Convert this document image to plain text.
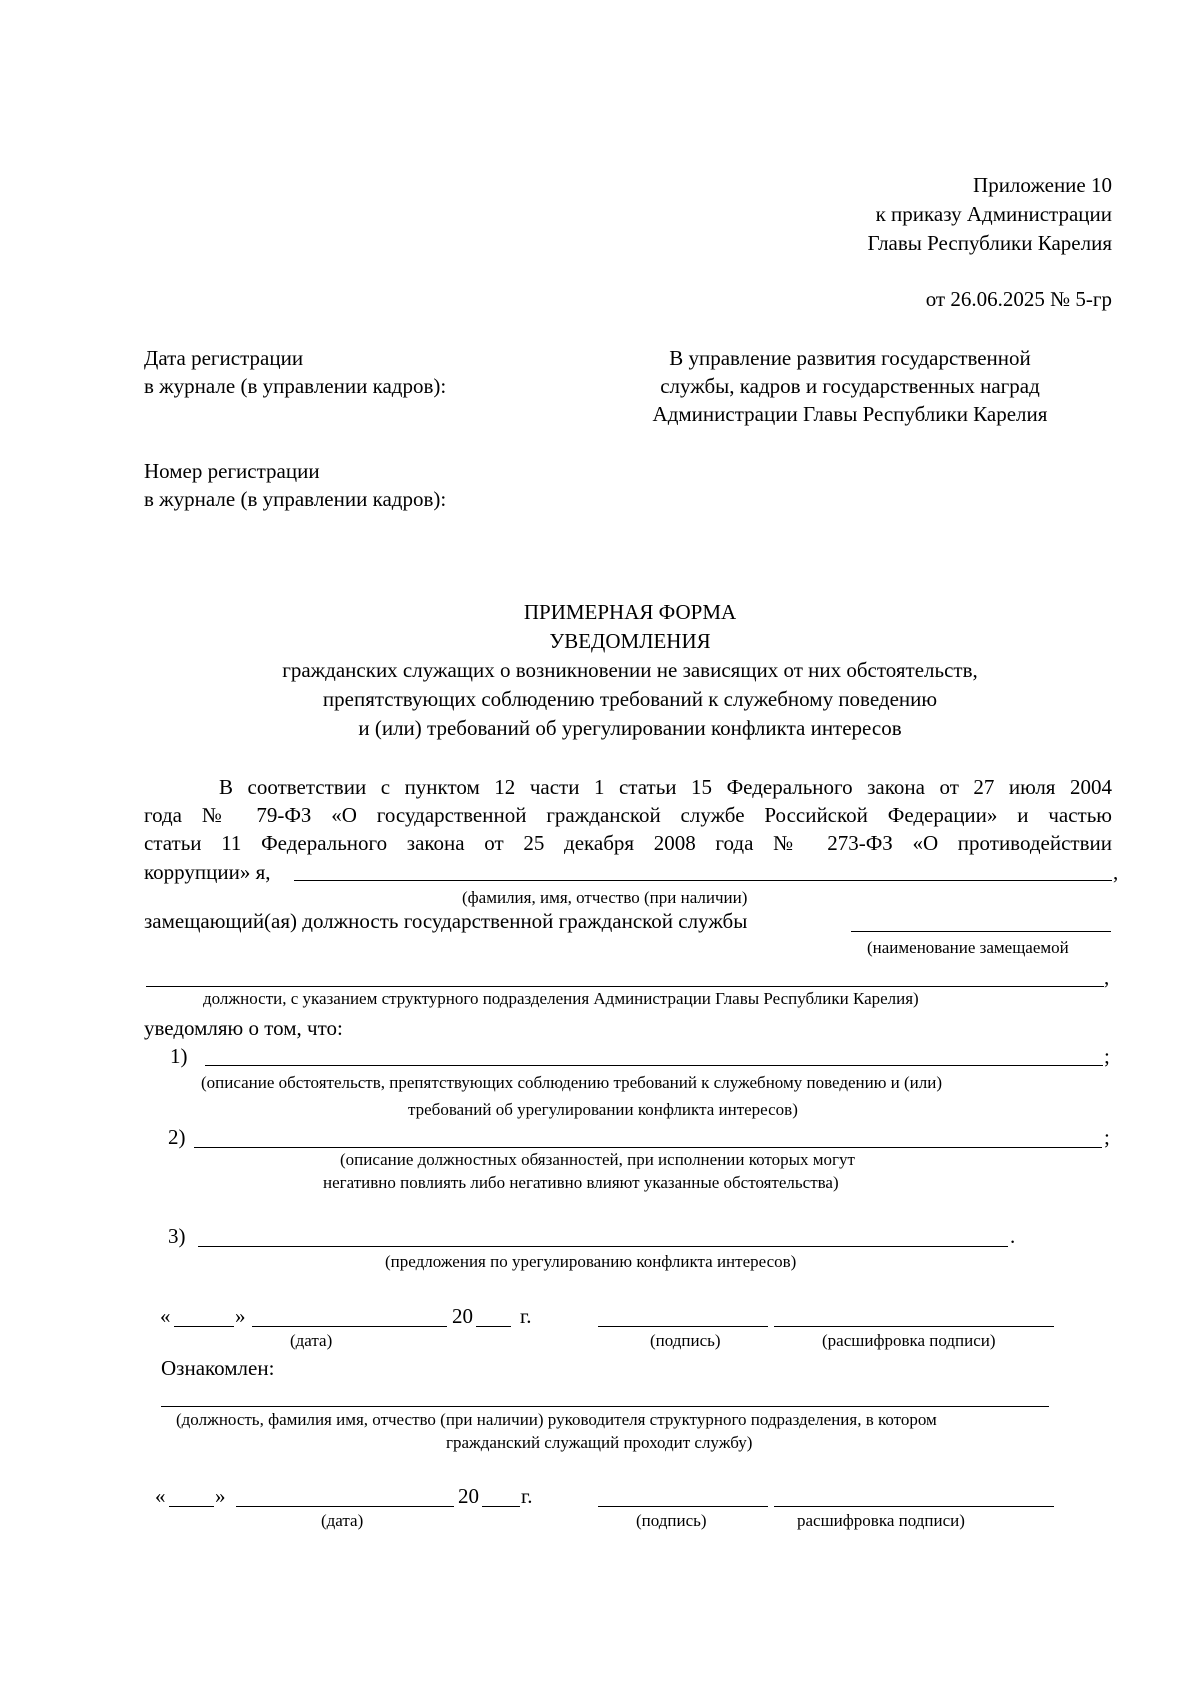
Приложение 10
к приказу Администрации
Главы Республики Карелия
от 26.06.2025 № 5-гр
Дата регистрации
в журнале (в управлении кадров):
Номер регистрации
в журнале (в управлении кадров):
В управление развития государственной
службы, кадров и государственных наград
Администрации Главы Республики Карелия
ПРИМЕРНАЯ ФОРМА
УВЕДОМЛЕНИЯ
гражданских служащих о возникновении не зависящих от них обстоятельств,
препятствующих соблюдению требований к служебному поведению
и (или) требований об урегулировании конфликта интересов
В соответствии с пунктом 12 части 1 статьи 15 Федерального закона от 27 июля 2004
года № 79-ФЗ «О государственной гражданской службе Российской Федерации» и частью
статьи 11 Федерального закона от 25 декабря 2008 года № 273-ФЗ «О противодействии
коррупции» я,	,
(фамилия, имя, отчество (при наличии)
замещающий(ая) должность государственной гражданской службы
(наименование замещаемой
,
должности, с указанием структурного подразделения Администрации Главы Республики Карелия)
уведомляю о том, что:
1)	;
(описание обстоятельств, препятствующих соблюдению требований к служебному поведению и (или)
требований об урегулировании конфликта интересов)
2)	;
(описание должностных обязанностей, при исполнении которых могут
негативно повлиять либо негативно влияют указанные обстоятельства)
3)	.
(предложения по урегулированию конфликта интересов)
«	»	20 г.
(дата)	(подпись)	(расшифровка подписи)
Ознакомлен:
(должность, фамилия имя, отчество (при наличии) руководителя структурного подразделения, в котором
гражданский служащий проходит службу)
« »	20 г.
(дата)	(подпись)	расшифровка подписи)
